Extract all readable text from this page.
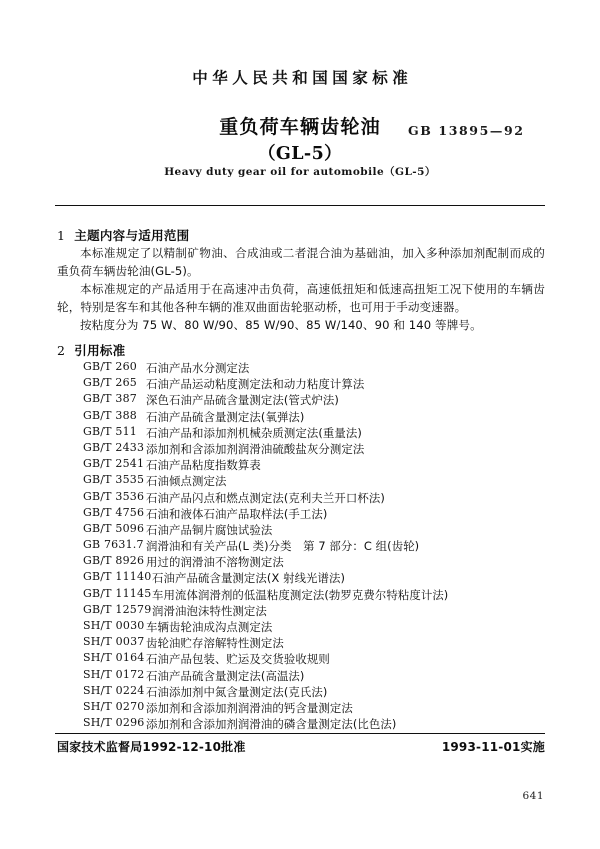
中华人民共和国国家标准
重负荷车辆齿轮油
（GL-5）
GB 13895—92
Heavy duty gear oil for automobile（GL-5）
1 主题内容与适用范围
本标准规定了以精制矿物油、合成油或二者混合油为基础油，加入多种添加剂配制而成的重负荷车辆齿轮油(GL-5)。
本标准规定的产品适用于在高速冲击负荷，高速低扭矩和低速高扭矩工况下使用的车辆齿轮，特别是客车和其他各种车辆的准双曲面齿轮驱动桥，也可用于手动变速器。
按粘度分为 75 W、80 W/90、85 W/90、85 W/140、90 和 140 等牌号。
2 引用标准
GB/T 260 石油产品水分测定法
GB/T 265 石油产品运动粘度测定法和动力粘度计算法
GB/T 387 深色石油产品硫含量测定法(管式炉法)
GB/T 388 石油产品硫含量测定法(氧弹法)
GB/T 511 石油产品和添加剂机械杂质测定法(重量法)
GB/T 2433 添加剂和含添加剂润滑油硫酸盐灰分测定法
GB/T 2541 石油产品粘度指数算表
GB/T 3535 石油倾点测定法
GB/T 3536 石油产品闪点和燃点测定法(克利夫兰开口杯法)
GB/T 4756 石油和液体石油产品取样法(手工法)
GB/T 5096 石油产品铜片腐蚀试验法
GB 7631.7 润滑油和有关产品(L 类)分类　第 7 部分：C 组(齿轮)
GB/T 8926 用过的润滑油不溶物测定法
GB/T 11140 石油产品硫含量测定法(X 射线光谱法)
GB/T 11145 车用流体润滑剂的低温粘度测定法(勃罗克费尔特粘度计法)
GB/T 12579 润滑油泡沫特性测定法
SH/T 0030 车辆齿轮油成沟点测定法
SH/T 0037 齿轮油贮存溶解特性测定法
SH/T 0164 石油产品包装、贮运及交货验收规则
SH/T 0172 石油产品硫含量测定法(高温法)
SH/T 0224 石油添加剂中氮含量测定法(克氏法)
SH/T 0270 添加剂和含添加剂润滑油的钙含量测定法
SH/T 0296 添加剂和含添加剂润滑油的磷含量测定法(比色法)
国家技术监督局1992-12-10批准	1993-11-01实施
641
